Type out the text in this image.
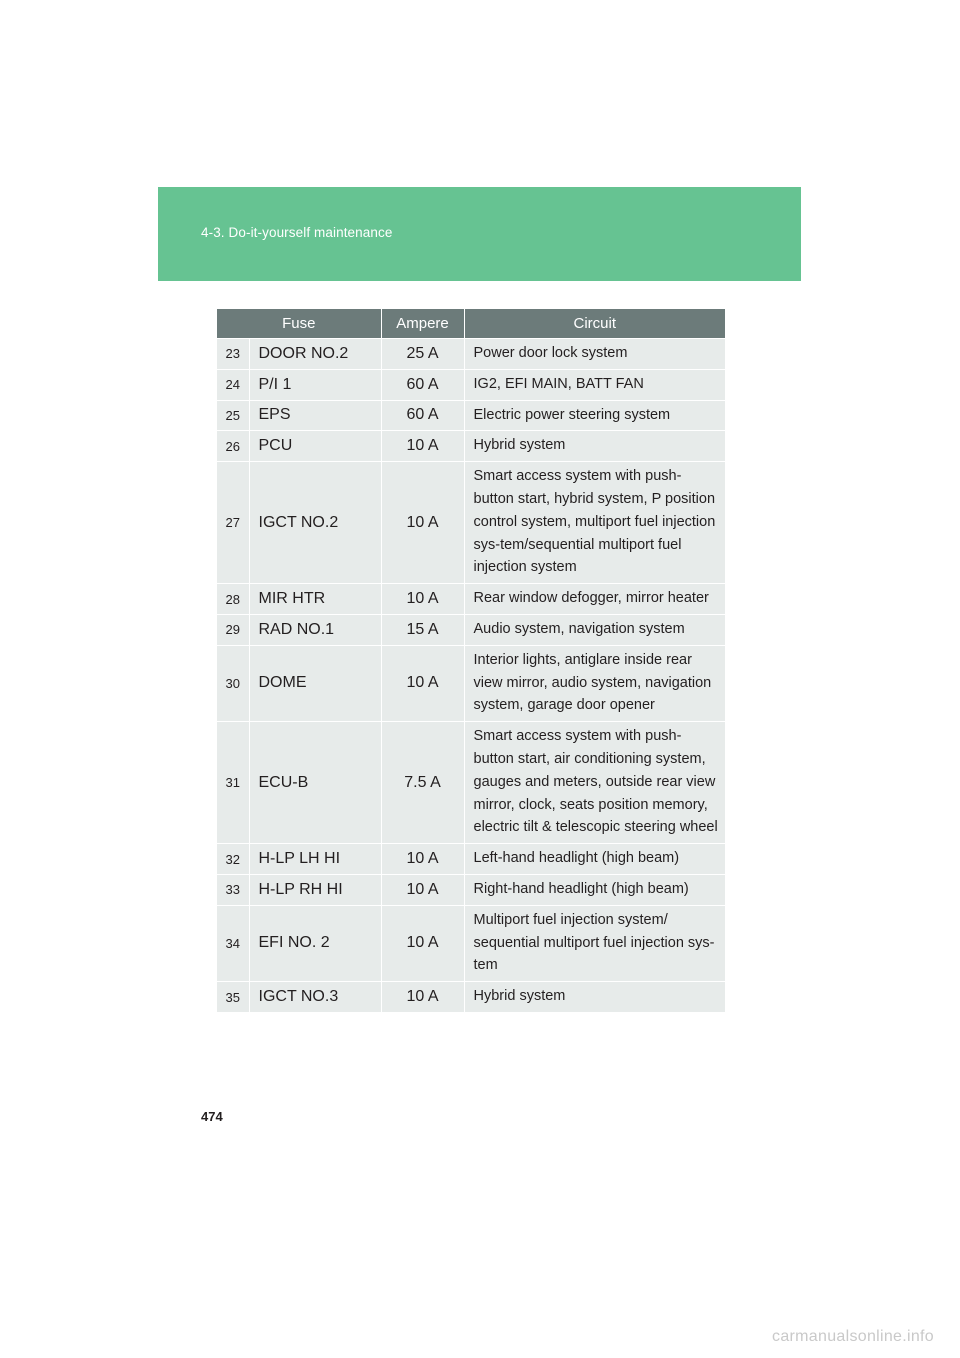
4-3. Do-it-yourself maintenance
Fuse		Ampere	Circuit
23	DOOR NO.2	25 A	Power door lock system
24	P/I 1	60 A	IG2, EFI MAIN, BATT FAN
25	EPS	60 A	Electric power steering system
26	PCU	10 A	Hybrid system
27	IGCT NO.2	10 A	Smart access system with push-button start, hybrid system, P position control system, multiport fuel injection sys-tem/sequential multiport fuel injection system
28	MIR HTR	10 A	Rear window defogger, mirror heater
29	RAD NO.1	15 A	Audio system, navigation system
30	DOME	10 A	Interior lights, antiglare inside rear view mirror, audio system, navigation system, garage door opener
31	ECU-B	7.5 A	Smart access system with push-button start, air conditioning system, gauges and meters, outside rear view mirror, clock, seats position memory, electric tilt & telescopic steering wheel
32	H-LP LH HI	10 A	Left-hand headlight (high beam)
33	H-LP RH HI	10 A	Right-hand headlight (high beam)
34	EFI NO. 2	10 A	Multiport fuel injection system/ sequential multiport fuel injection sys-tem
35	IGCT NO.3	10 A	Hybrid system
474
carmanualsonline.info
